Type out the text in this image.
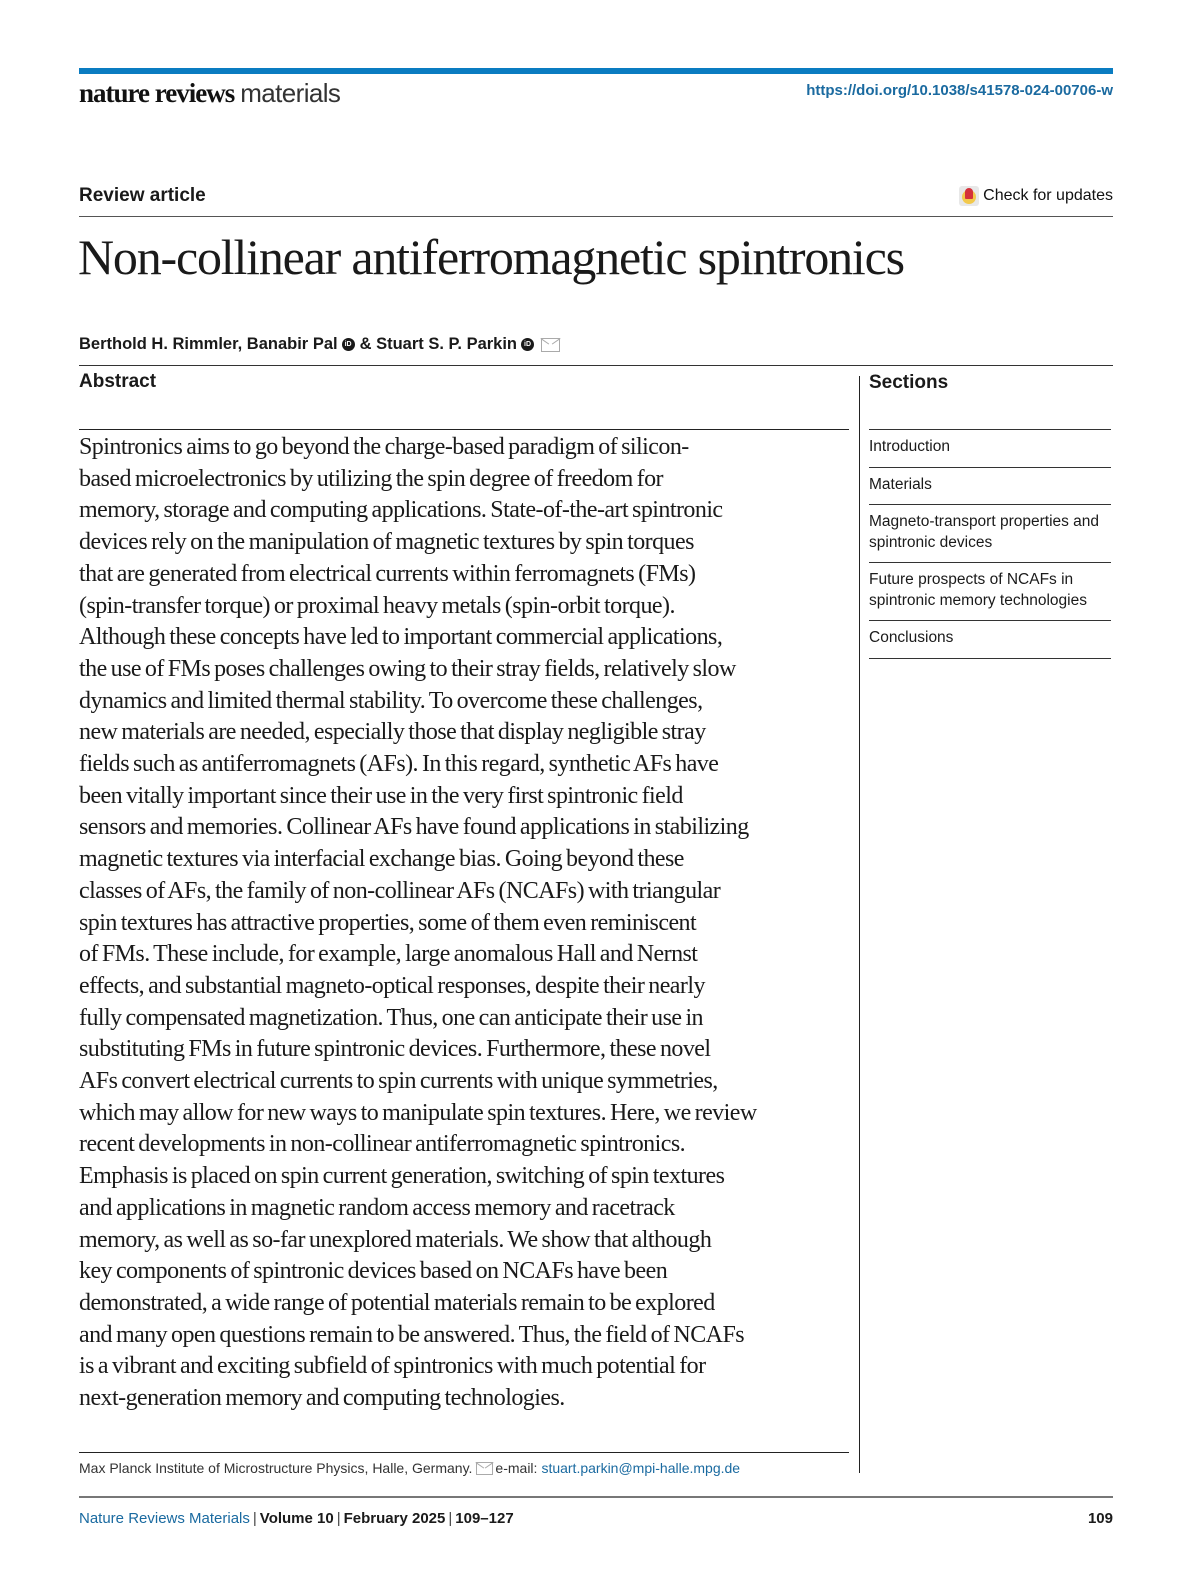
nature reviews materials	https://doi.org/10.1038/s41578-024-00706-w
Review article	Check for updates
Non-collinear antiferromagnetic spintronics
Berthold H. Rimmler,
Banabir Pal	iD & Stuart S. P. Parkin	iD
Abstract
Spintronics aims to go beyond the charge-based paradigm of silicon-
based microelectronics by utilizing the spin degree of freedom for
memory, storage and computing applications. State-of-the-art spintronic
devices rely on the manipulation of magnetic textures by spin torques
that are generated from electrical currents within ferromagnets (FMs)
(spin-transfer torque) or proximal heavy metals (spin-orbit torque).
Although these concepts have led to important commercial applications,
the use of FMs poses challenges owing to their stray fields, relatively slow
dynamics and limited thermal stability. To overcome these challenges,
new materials are needed, especially those that display negligible stray
fields such as antiferromagnets (AFs). In this regard, synthetic AFs have
been vitally important since their use in the very first spintronic field
sensors and memories. Collinear AFs have found applications in stabilizing
magnetic textures via interfacial exchange bias. Going beyond these
classes of AFs, the family of non-collinear AFs (NCAFs) with triangular
spin textures has attractive properties, some of them even reminiscent
of FMs. These include, for example, large anomalous Hall and Nernst
effects, and substantial magneto-optical responses, despite their nearly
fully compensated magnetization. Thus, one can anticipate their use in
substituting FMs in future spintronic devices. Furthermore, these novel
AFs convert electrical currents to spin currents with unique symmetries,
which may allow for new ways to manipulate spin textures. Here, we review
recent developments in non-collinear antiferromagnetic spintronics.
Emphasis is placed on spin current generation, switching of spin textures
and applications in magnetic random access memory and racetrack
memory, as well as so-far unexplored materials. We show that although
key components of spintronic devices based on NCAFs have been
demonstrated, a wide range of potential materials remain to be explored
and many open questions remain to be answered. Thus, the field of NCAFs
is a vibrant and exciting subfield of spintronics with much potential for
next-generation memory and computing technologies.
Sections
Introduction
Materials
Magneto-transport properties and spintronic devices
Future prospects of NCAFs in spintronic memory technologies
Conclusions
Max Planck Institute of Microstructure Physics, Halle, Germany. e-mail: stuart.parkin@mpi-halle.mpg.de
Nature Reviews Materials | Volume 10 | February 2025 | 109–127	109
